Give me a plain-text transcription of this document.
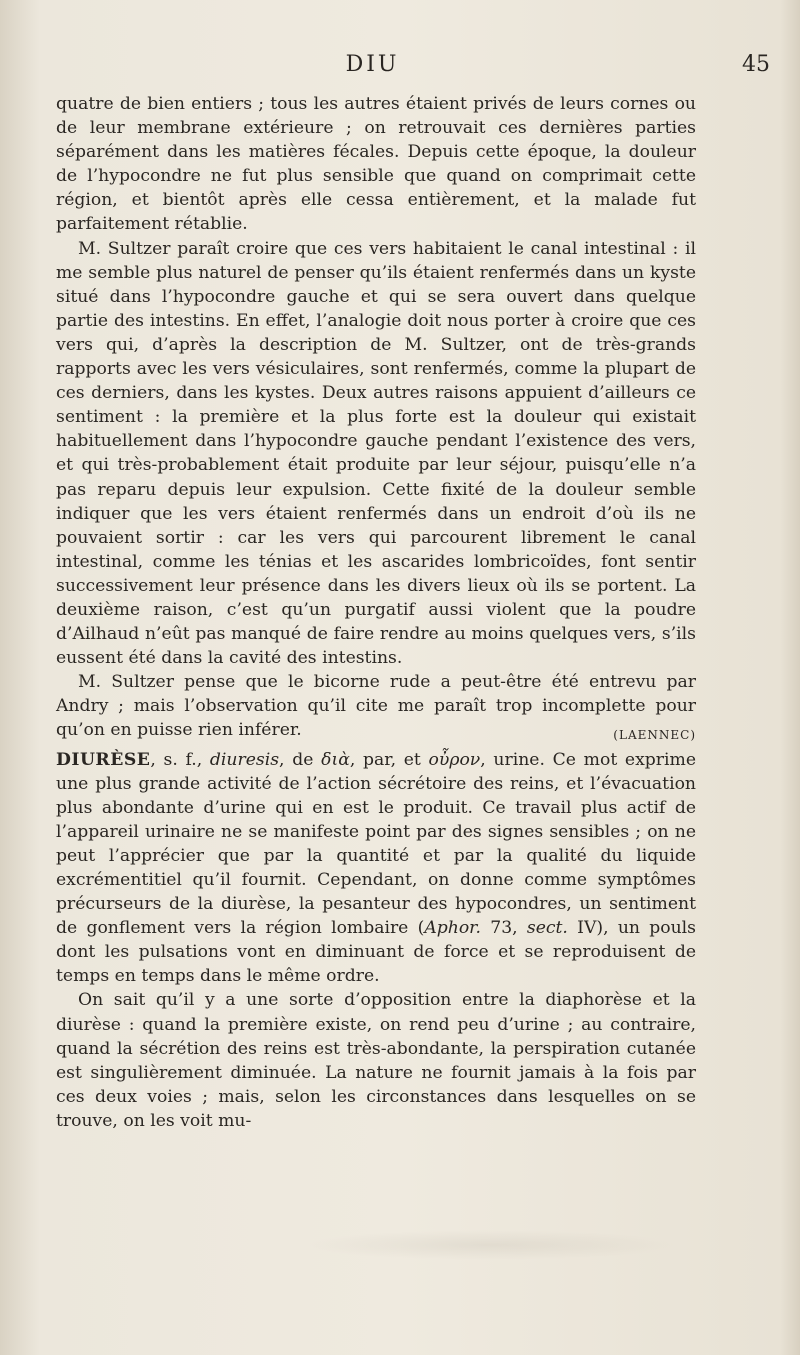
DIU	45

quatre de bien entiers ; tous les autres étaient privés de leurs cornes ou de leur membrane extérieure ; on retrouvait ces dernières parties séparément dans les matières fécales. Depuis cette époque, la douleur de l’hypocondre ne fut plus sensible que quand on comprimait cette région, et bientôt après elle cessa entièrement, et la malade fut parfaitement rétablie.

M. Sultzer paraît croire que ces vers habitaient le canal intestinal : il me semble plus naturel de penser qu’ils étaient renfermés dans un kyste situé dans l’hypocondre gauche et qui se sera ouvert dans quelque partie des intestins. En effet, l’analogie doit nous porter à croire que ces vers qui, d’après la description de M. Sultzer, ont de très-grands rapports avec les vers vésiculaires, sont renfermés, comme la plupart de ces derniers, dans les kystes. Deux autres raisons appuient d’ailleurs ce sentiment : la première et la plus forte est la douleur qui existait habituellement dans l’hypocondre gauche pendant l’existence des vers, et qui très-probablement était produite par leur séjour, puisqu’elle n’a pas reparu depuis leur expulsion. Cette fixité de la douleur semble indiquer que les vers étaient renfermés dans un endroit d’où ils ne pouvaient sortir : car les vers qui parcourent librement le canal intestinal, comme les ténias et les ascarides lombricoïdes, font sentir successivement leur présence dans les divers lieux où ils se portent. La deuxième raison, c’est qu’un purgatif aussi violent que la poudre d’Ailhaud n’eût pas manqué de faire rendre au moins quelques vers, s’ils eussent été dans la cavité des intestins.

M. Sultzer pense que le bicorne rude a peut-être été entrevu par Andry ; mais l’observation qu’il cite me paraît trop incomplette pour qu’on en puisse rien inférer.	(LAENNEC)

DIURÈSE, s. f., diuresis, de διὰ, par, et οὖρον, urine. Ce mot exprime une plus grande activité de l’action sécrétoire des reins, et l’évacuation plus abondante d’urine qui en est le produit. Ce travail plus actif de l’appareil urinaire ne se manifeste point par des signes sensibles ; on ne peut l’apprécier que par la quantité et par la qualité du liquide excrémentitiel qu’il fournit. Cependant, on donne comme symptômes précurseurs de la diurèse, la pesanteur des hypocondres, un sentiment de gonflement vers la région lombaire (Aphor. 73, sect. IV), un pouls dont les pulsations vont en diminuant de force et se reproduisent de temps en temps dans le même ordre.

On sait qu’il y a une sorte d’opposition entre la diaphorèse et la diurèse : quand la première existe, on rend peu d’urine ; au contraire, quand la sécrétion des reins est très-abondante, la perspiration cutanée est singulièrement diminuée. La nature ne fournit jamais à la fois par ces deux voies ; mais, selon les circonstances dans lesquelles on se trouve, on les voit mu-
